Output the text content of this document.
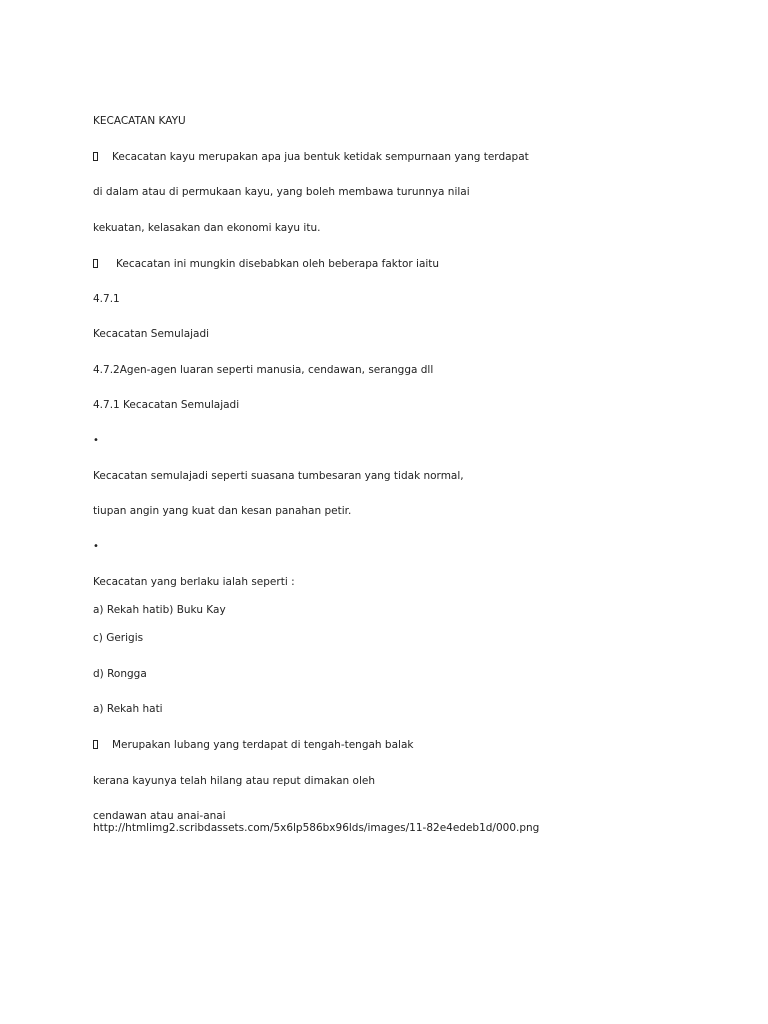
KECACATAN KAYU
Kecacatan kayu merupakan apa jua bentuk ketidak sempurnaan yang terdapat
di dalam atau di permukaan kayu, yang boleh membawa turunnya nilai
kekuatan, kelasakan dan ekonomi kayu itu.
Kecacatan ini mungkin disebabkan oleh beberapa faktor iaitu
4.7.1
Kecacatan Semulajadi
4.7.2Agen-agen luaran seperti manusia, cendawan, serangga dll
4.7.1 Kecacatan Semulajadi
•
Kecacatan semulajadi seperti suasana tumbesaran yang tidak normal,
tiupan angin yang kuat dan kesan panahan petir.
•
Kecacatan yang berlaku ialah seperti :
a) Rekah hatib) Buku Kay
c) Gerigis
d) Rongga
a) Rekah hati
Merupakan lubang yang terdapat di tengah-tengah balak
kerana kayunya telah hilang atau reput dimakan oleh
cendawan atau anai-anai
http://htmlimg2.scribdassets.com/5x6lp586bx96lds/images/11-82e4edeb1d/000.png
